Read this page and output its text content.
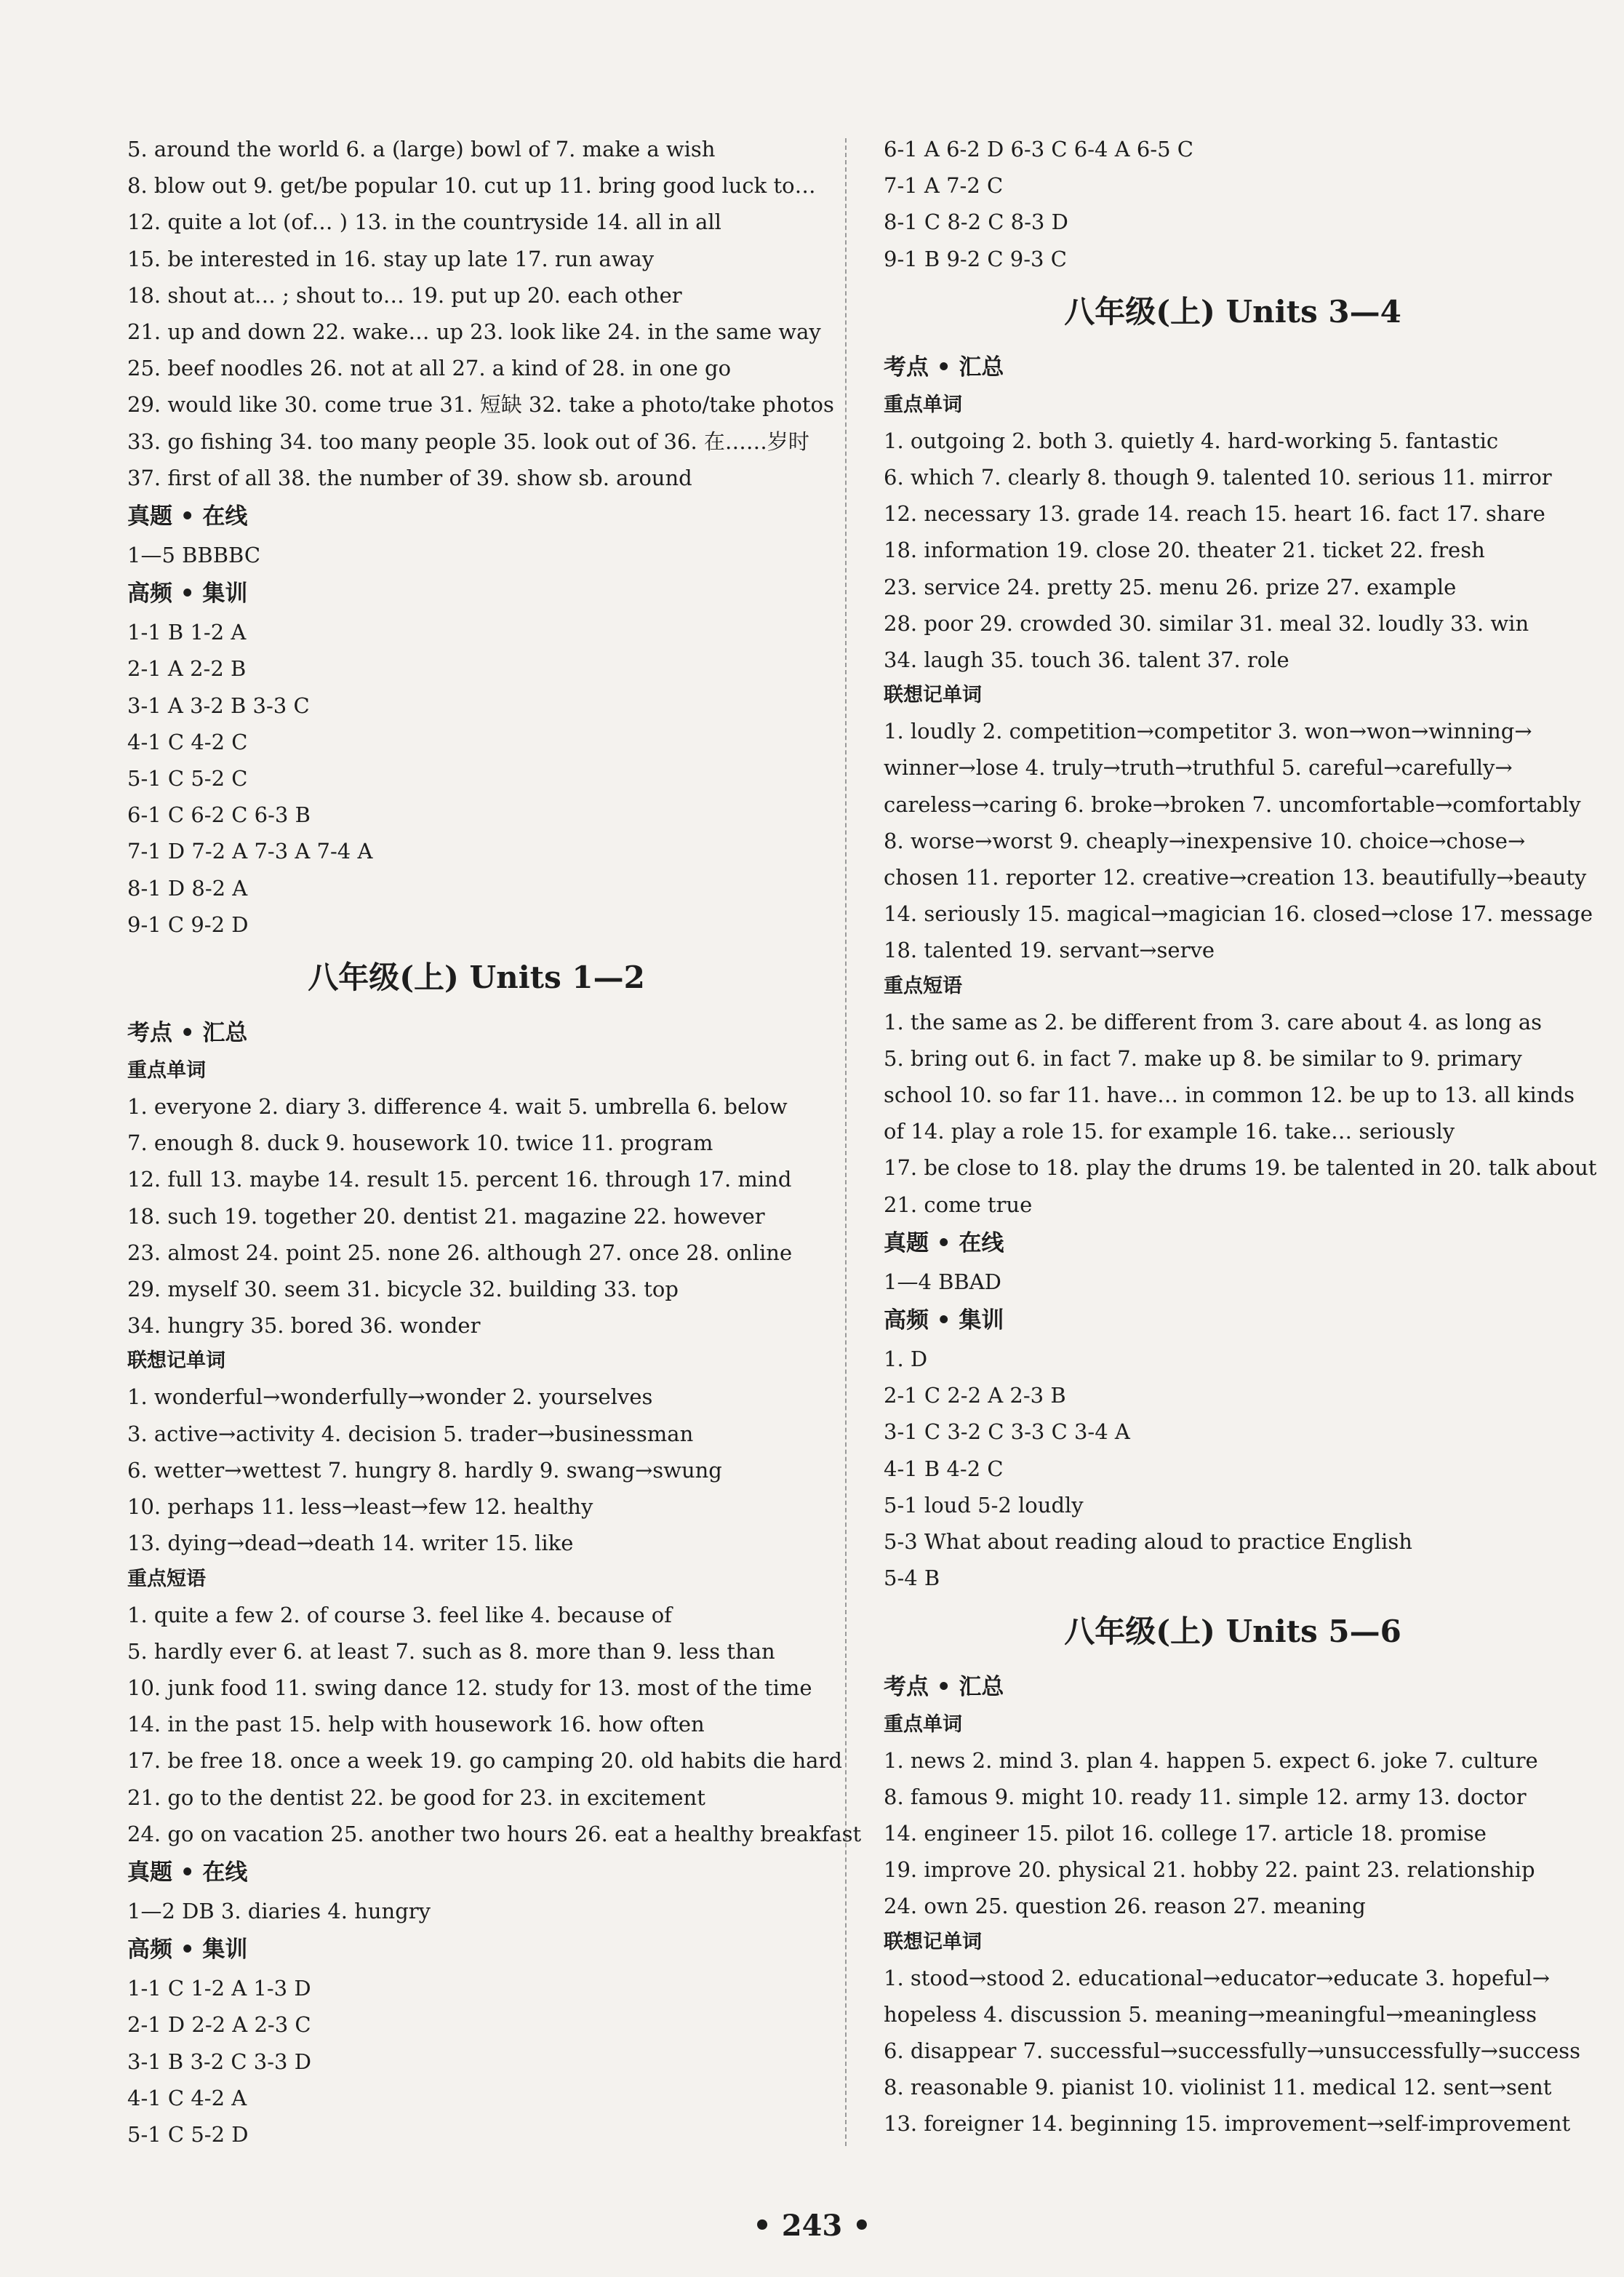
5. around the world 6. a (large) bowl of 7. make a wish
8. blow out 9. get/be popular 10. cut up 11. bring good luck to…
12. quite a lot (of… ) 13. in the countryside 14. all in all
15. be interested in 16. stay up late 17. run away
18. shout at… ; shout to… 19. put up 20. each other
21. up and down 22. wake… up 23. look like 24. in the same way
25. beef noodles 26. not at all 27. a kind of 28. in one go
29. would like 30. come true 31. 短缺 32. take a photo/take photos
33. go fishing 34. too many people 35. look out of 36. 在……岁时
37. first of all 38. the number of 39. show sb. around
真题 • 在线
1—5 BBBBC
高频 • 集训
1-1 B 1-2 A
2-1 A 2-2 B
3-1 A 3-2 B 3-3 C
4-1 C 4-2 C
5-1 C 5-2 C
6-1 C 6-2 C 6-3 B
7-1 D 7-2 A 7-3 A 7-4 A
8-1 D 8-2 A
9-1 C 9-2 D
八年级(上) Units 1—2
考点 • 汇总
重点单词
1. everyone 2. diary 3. difference 4. wait 5. umbrella 6. below
7. enough 8. duck 9. housework 10. twice 11. program
12. full 13. maybe 14. result 15. percent 16. through 17. mind
18. such 19. together 20. dentist 21. magazine 22. however
23. almost 24. point 25. none 26. although 27. once 28. online
29. myself 30. seem 31. bicycle 32. building 33. top
34. hungry 35. bored 36. wonder
联想记单词
1. wonderful→wonderfully→wonder 2. yourselves
3. active→activity 4. decision 5. trader→businessman
6. wetter→wettest 7. hungry 8. hardly 9. swang→swung
10. perhaps 11. less→least→few 12. healthy
13. dying→dead→death 14. writer 15. like
重点短语
1. quite a few 2. of course 3. feel like 4. because of
5. hardly ever 6. at least 7. such as 8. more than 9. less than
10. junk food 11. swing dance 12. study for 13. most of the time
14. in the past 15. help with housework 16. how often
17. be free 18. once a week 19. go camping 20. old habits die hard
21. go to the dentist 22. be good for 23. in excitement
24. go on vacation 25. another two hours 26. eat a healthy breakfast
真题 • 在线
1—2 DB 3. diaries 4. hungry
高频 • 集训
1-1 C 1-2 A 1-3 D
2-1 D 2-2 A 2-3 C
3-1 B 3-2 C 3-3 D
4-1 C 4-2 A
5-1 C 5-2 D
6-1 A 6-2 D 6-3 C 6-4 A 6-5 C
7-1 A 7-2 C
8-1 C 8-2 C 8-3 D
9-1 B 9-2 C 9-3 C
八年级(上) Units 3—4
考点 • 汇总
重点单词
1. outgoing 2. both 3. quietly 4. hard-working 5. fantastic
6. which 7. clearly 8. though 9. talented 10. serious 11. mirror
12. necessary 13. grade 14. reach 15. heart 16. fact 17. share
18. information 19. close 20. theater 21. ticket 22. fresh
23. service 24. pretty 25. menu 26. prize 27. example
28. poor 29. crowded 30. similar 31. meal 32. loudly 33. win
34. laugh 35. touch 36. talent 37. role
联想记单词
1. loudly 2. competition→competitor 3. won→won→winning→
winner→lose 4. truly→truth→truthful 5. careful→carefully→
careless→caring 6. broke→broken 7. uncomfortable→comfortably
8. worse→worst 9. cheaply→inexpensive 10. choice→chose→
chosen 11. reporter 12. creative→creation 13. beautifully→beauty
14. seriously 15. magical→magician 16. closed→close 17. message
18. talented 19. servant→serve
重点短语
1. the same as 2. be different from 3. care about 4. as long as
5. bring out 6. in fact 7. make up 8. be similar to 9. primary
school 10. so far 11. have… in common 12. be up to 13. all kinds
of 14. play a role 15. for example 16. take… seriously
17. be close to 18. play the drums 19. be talented in 20. talk about
21. come true
真题 • 在线
1—4 BBAD
高频 • 集训
1. D
2-1 C 2-2 A 2-3 B
3-1 C 3-2 C 3-3 C 3-4 A
4-1 B 4-2 C
5-1 loud 5-2 loudly
5-3 What about reading aloud to practice English
5-4 B
八年级(上) Units 5—6
考点 • 汇总
重点单词
1. news 2. mind 3. plan 4. happen 5. expect 6. joke 7. culture
8. famous 9. might 10. ready 11. simple 12. army 13. doctor
14. engineer 15. pilot 16. college 17. article 18. promise
19. improve 20. physical 21. hobby 22. paint 23. relationship
24. own 25. question 26. reason 27. meaning
联想记单词
1. stood→stood 2. educational→educator→educate 3. hopeful→
hopeless 4. discussion 5. meaning→meaningful→meaningless
6. disappear 7. successful→successfully→unsuccessfully→success
8. reasonable 9. pianist 10. violinist 11. medical 12. sent→sent
13. foreigner 14. beginning 15. improvement→self-improvement
• 243 •
